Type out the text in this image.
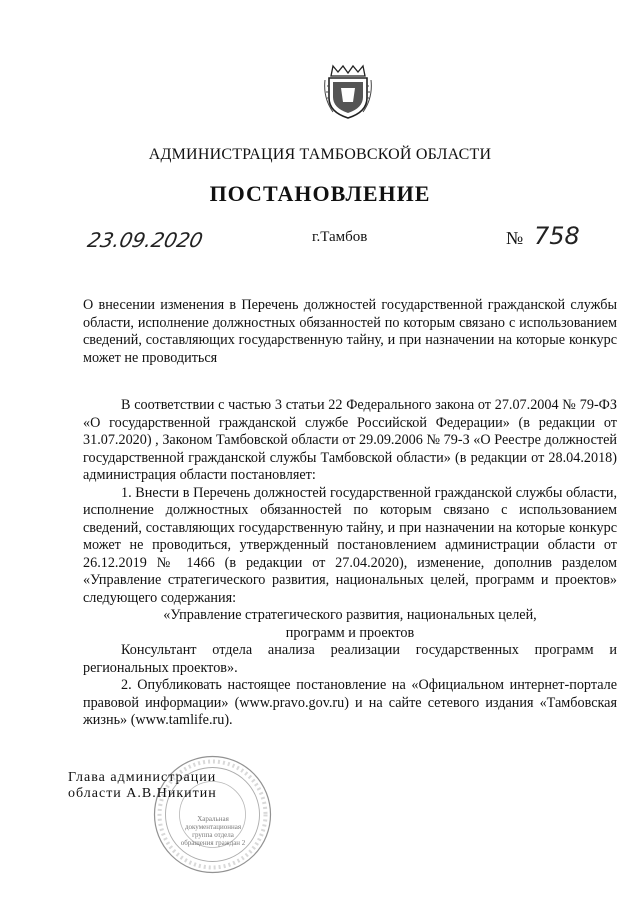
АДМИНИСТРАЦИЯ ТАМБОВСКОЙ ОБЛАСТИ
ПОСТАНОВЛЕНИЕ
23.09.2020	г.Тамбов	№ 758
О внесении изменения в Перечень должностей государственной гражданской службы области, исполнение должностных обязанностей по которым связано с использованием сведений, составляющих государственную тайну, и при назначении на которые конкурс может не проводиться

В соответствии с частью 3 статьи 22 Федерального закона от 27.07.2004 № 79-ФЗ «О государственной гражданской службе Российской Федерации» (в редакции от 31.07.2020) , Законом Тамбовской области от 29.09.2006 № 79-З «О Реестре должностей государственной гражданской службы Тамбовской области» (в редакции от 28.04.2018) администрация области постановляет:

1. Внести в Перечень должностей государственной гражданской службы области, исполнение должностных обязанностей по которым связано с использованием сведений, составляющих государственную тайну, и при назначении на которые конкурс может не проводиться, утвержденный постановлением администрации области от 26.12.2019 № 1466 (в редакции от 27.04.2020), изменение, дополнив разделом «Управление стратегического развития, национальных целей, программ и проектов» следующего содержания:

«Управление стратегического развития, национальных целей,

программ и проектов

Консультант отдела анализа реализации государственных программ и региональных проектов».

2. Опубликовать настоящее постановление на «Официальном интернет-портале правовой информации» (www.pravo.gov.ru) и на сайте сетевого издания «Тамбовская жизнь» (www.tamlife.ru).

Харальная документационная группа отдела обращения граждан 2
Глава администрации
области А.В.Никитин
